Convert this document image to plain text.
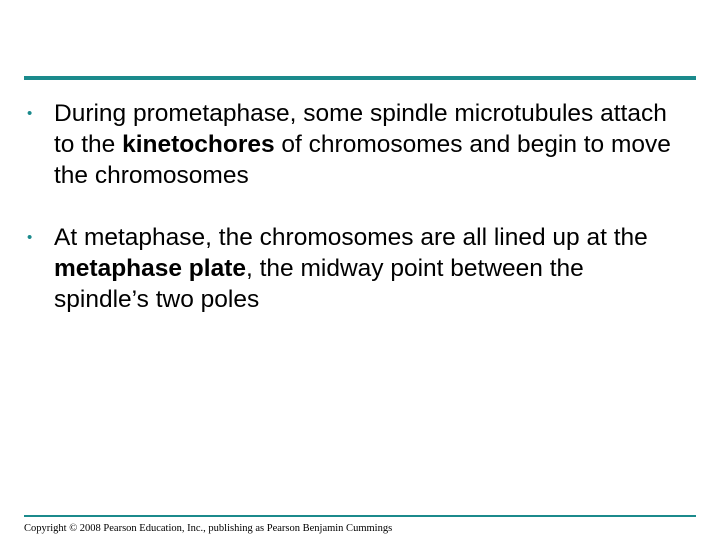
• During prometaphase, some spindle microtubules attach to the kinetochores of chromosomes and begin to move the chromosomes
• At metaphase, the chromosomes are all lined up at the metaphase plate, the midway point between the spindle’s two poles
Copyright © 2008 Pearson Education, Inc., publishing as Pearson Benjamin Cummings
